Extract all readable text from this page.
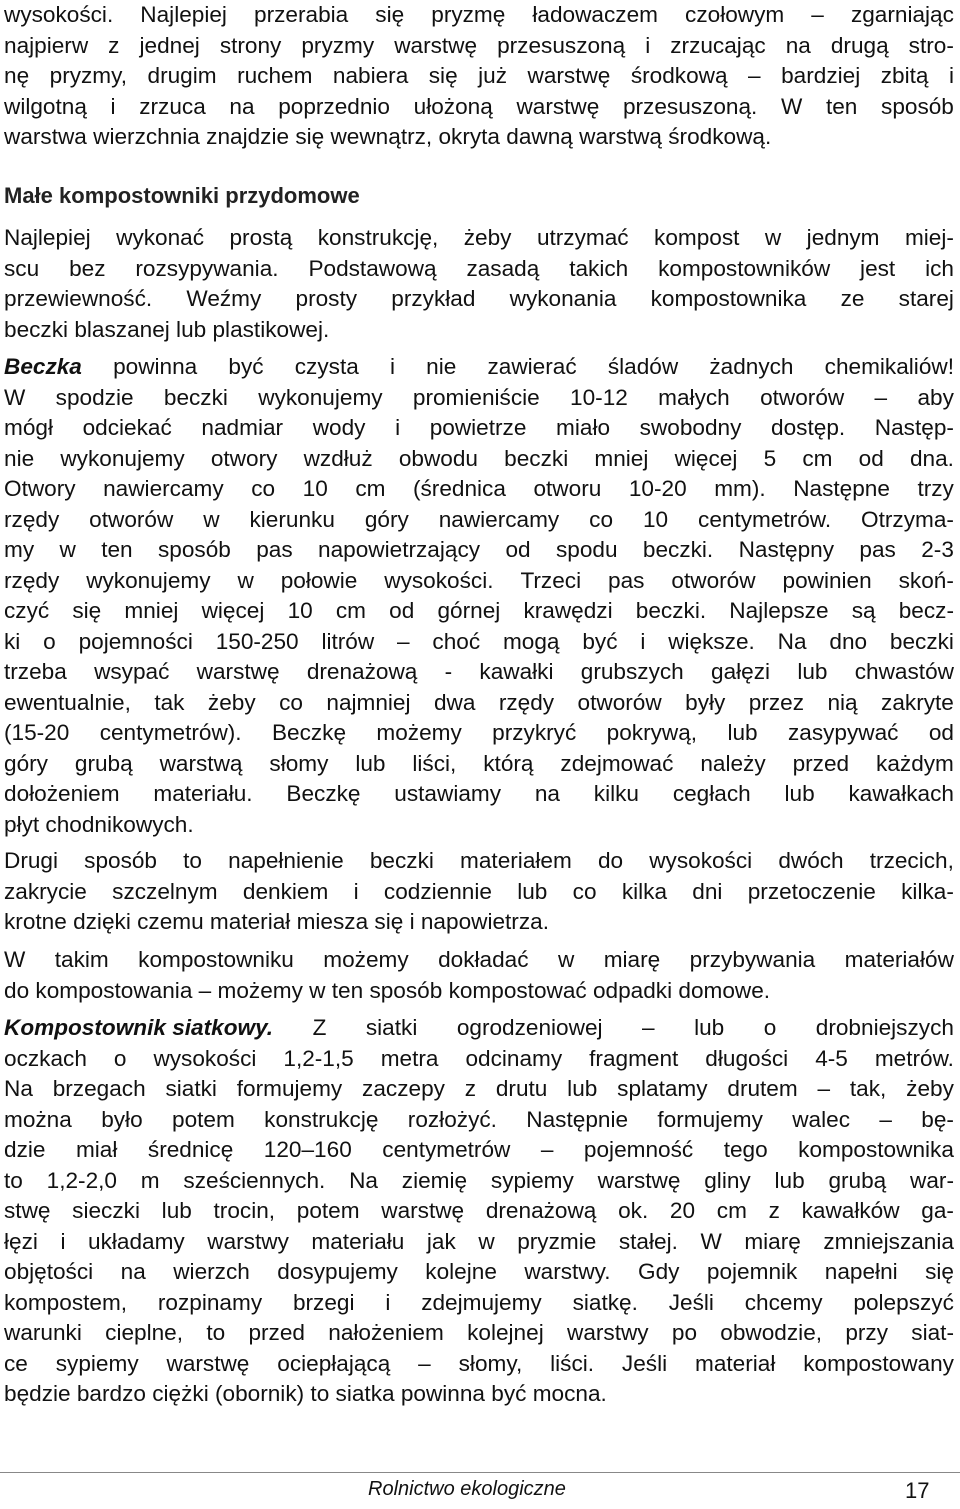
wysokości. Najlepiej przerabia się pryzmę ładowaczem czołowym – zgarniając
najpierw z jednej strony pryzmy warstwę przesuszoną i zrzucając na drugą stro-
nę pryzmy, drugim ruchem nabiera się już warstwę środkową – bardziej zbitą i
wilgotną i zrzuca na poprzednio ułożoną warstwę przesuszoną. W ten sposób
warstwa wierzchnia znajdzie się wewnątrz, okryta dawną warstwą środkową.
Małe kompostowniki przydomowe
Najlepiej wykonać prostą konstrukcję, żeby utrzymać kompost w jednym miej-
scu bez rozsypywania. Podstawową zasadą takich kompostowników jest ich
przewiewność. Weźmy prosty przykład wykonania kompostownika ze starej
beczki blaszanej lub plastikowej.
Beczka powinna być czysta i nie zawierać śladów żadnych chemikaliów!
W spodzie beczki wykonujemy promieniście 10-12 małych otworów – aby
mógł odciekać nadmiar wody i powietrze miało swobodny dostęp. Następ-
nie wykonujemy otwory wzdłuż obwodu beczki mniej więcej 5 cm od dna.
Otwory nawiercamy co 10 cm (średnica otworu 10-20 mm). Następne trzy
rzędy otworów w kierunku góry nawiercamy co 10 centymetrów. Otrzyma-
my w ten sposób pas napowietrzający od spodu beczki. Następny pas 2-3
rzędy wykonujemy w połowie wysokości. Trzeci pas otworów powinien skoń-
czyć się mniej więcej 10 cm od górnej krawędzi beczki. Najlepsze są becz-
ki o pojemności 150-250 litrów – choć mogą być i większe. Na dno beczki
trzeba wsypać warstwę drenażową - kawałki grubszych gałęzi lub chwastów
ewentualnie, tak żeby co najmniej dwa rzędy otworów były przez nią zakryte
(15-20 centymetrów). Beczkę możemy przykryć pokrywą, lub zasypywać od
góry grubą warstwą słomy lub liści, którą zdejmować należy przed każdym
dołożeniem materiału. Beczkę ustawiamy na kilku cegłach lub kawałkach
płyt chodnikowych.
Drugi sposób to napełnienie beczki materiałem do wysokości dwóch trzecich,
zakrycie szczelnym denkiem i codziennie lub co kilka dni przetoczenie kilka-
krotne dzięki czemu materiał miesza się i napowietrza.
W takim kompostowniku możemy dokładać w miarę przybywania materiałów
do kompostowania – możemy w ten sposób kompostować odpadki domowe.
Kompostownik siatkowy. Z siatki ogrodzeniowej – lub o drobniejszych
oczkach o wysokości 1,2-1,5 metra odcinamy fragment długości 4-5 metrów.
Na brzegach siatki formujemy zaczepy z drutu lub splatamy drutem – tak, żeby
można było potem konstrukcję rozłożyć. Następnie formujemy walec – bę-
dzie miał średnicę 120–160 centymetrów – pojemność tego kompostownika
to 1,2-2,0 m sześciennych. Na ziemię sypiemy warstwę gliny lub grubą war-
stwę sieczki lub trocin, potem warstwę drenażową ok. 20 cm z kawałków ga-
łęzi i układamy warstwy materiału jak w pryzmie stałej. W miarę zmniejszania
objętości na wierzch dosypujemy kolejne warstwy. Gdy pojemnik napełni się
kompostem, rozpinamy brzegi i zdejmujemy siatkę. Jeśli chcemy polepszyć
warunki cieplne, to przed nałożeniem kolejnej warstwy po obwodzie, przy siat-
ce sypiemy warstwę ociepłającą – słomy, liści. Jeśli materiał kompostowany
będzie bardzo ciężki (obornik) to siatka powinna być mocna.
Rolnictwo ekologiczne	17
